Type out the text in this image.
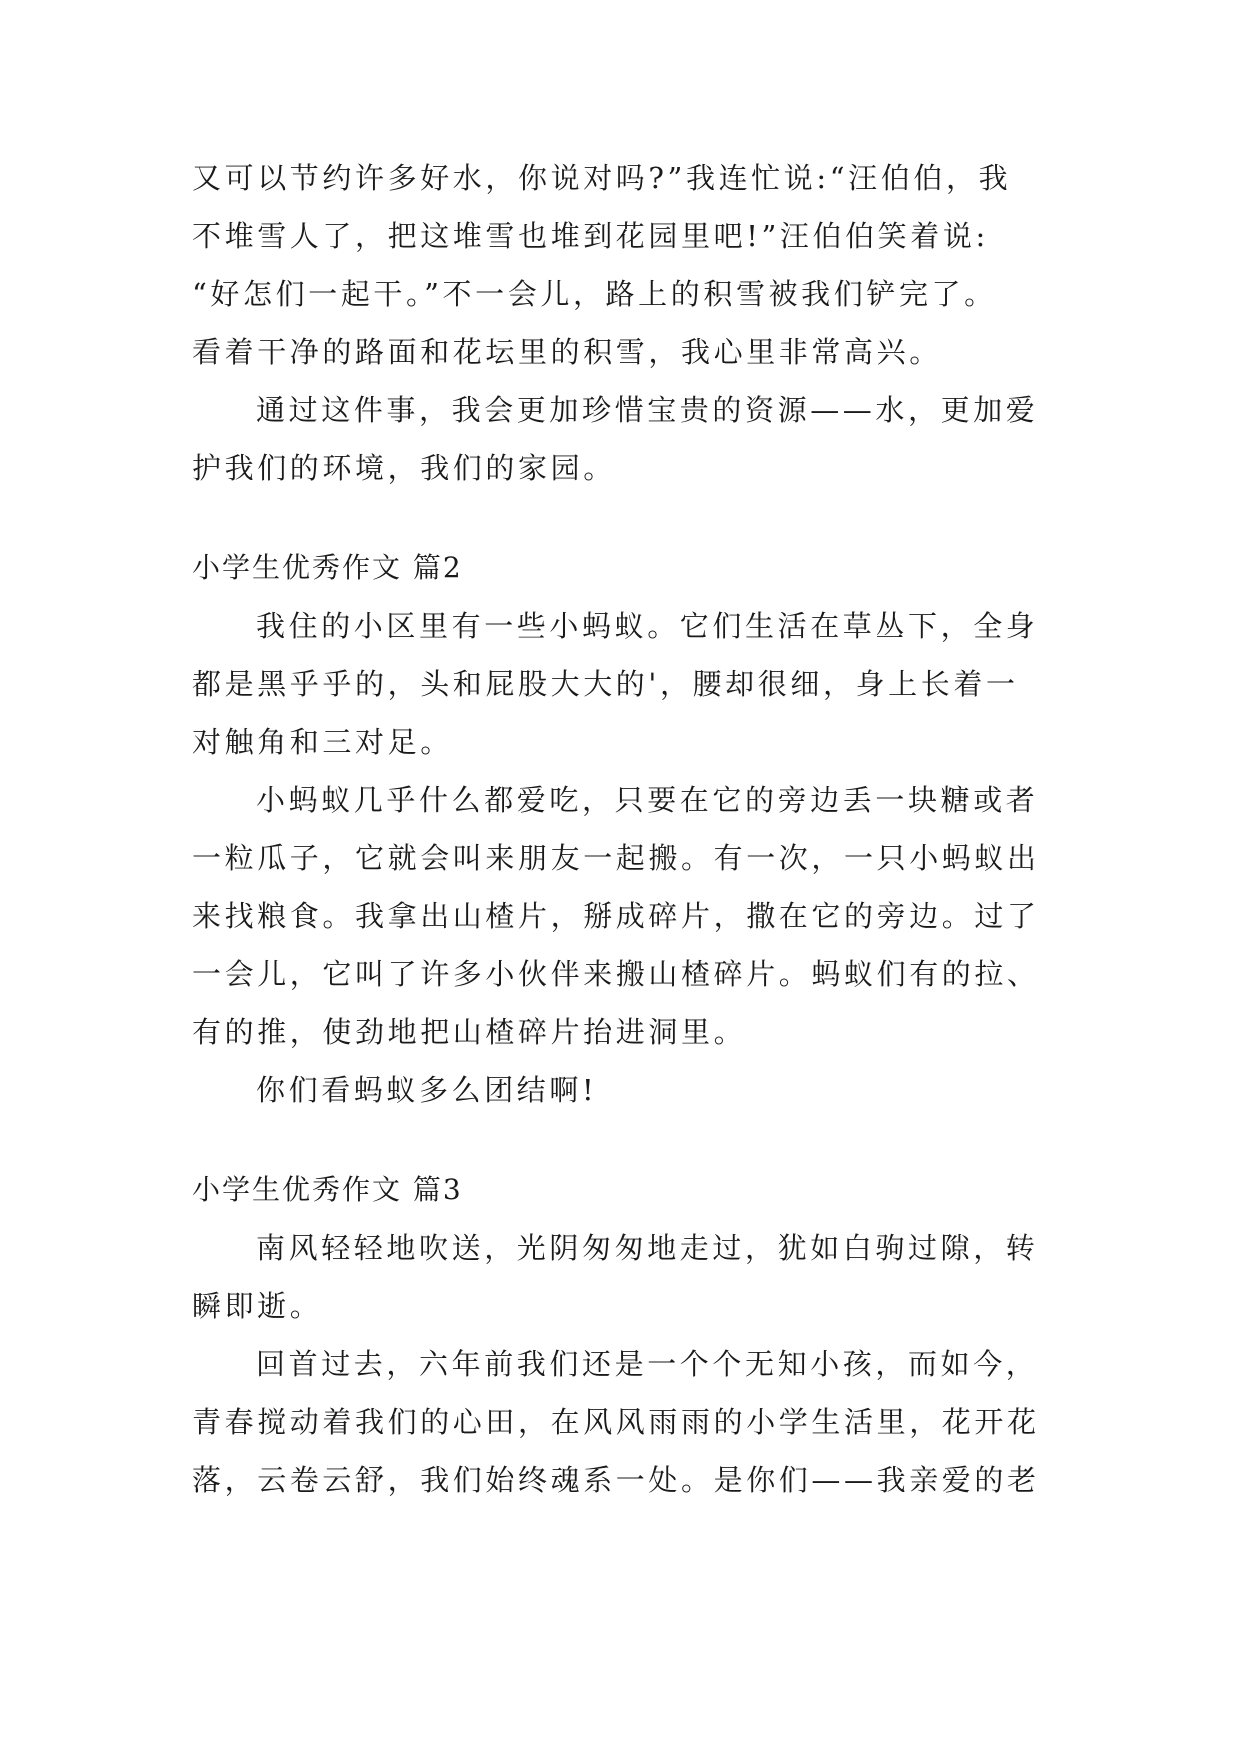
又可以节约许多好水，你说对吗?”我连忙说:“汪伯伯，我
不堆雪人了，把这堆雪也堆到花园里吧!”汪伯伯笑着说:
“好怎们一起干。”不一会儿，路上的积雪被我们铲完了。
看着干净的路面和花坛里的积雪，我心里非常高兴。
通过这件事，我会更加珍惜宝贵的资源——水，更加爱
护我们的环境，我们的家园。
小学生优秀作文 篇2
我住的小区里有一些小蚂蚁。它们生活在草丛下，全身
都是黑乎乎的，头和屁股大大的'，腰却很细，身上长着一
对触角和三对足。
小蚂蚁几乎什么都爱吃，只要在它的旁边丢一块糖或者
一粒瓜子，它就会叫来朋友一起搬。有一次，一只小蚂蚁出
来找粮食。我拿出山楂片，掰成碎片，撒在它的旁边。过了
一会儿，它叫了许多小伙伴来搬山楂碎片。蚂蚁们有的拉、
有的推，使劲地把山楂碎片抬进洞里。
你们看蚂蚁多么团结啊!
小学生优秀作文 篇3
南风轻轻地吹送，光阴匆匆地走过，犹如白驹过隙，转
瞬即逝。
回首过去，六年前我们还是一个个无知小孩，而如今，
青春搅动着我们的心田，在风风雨雨的小学生活里，花开花
落，云卷云舒，我们始终魂系一处。是你们——我亲爱的老
